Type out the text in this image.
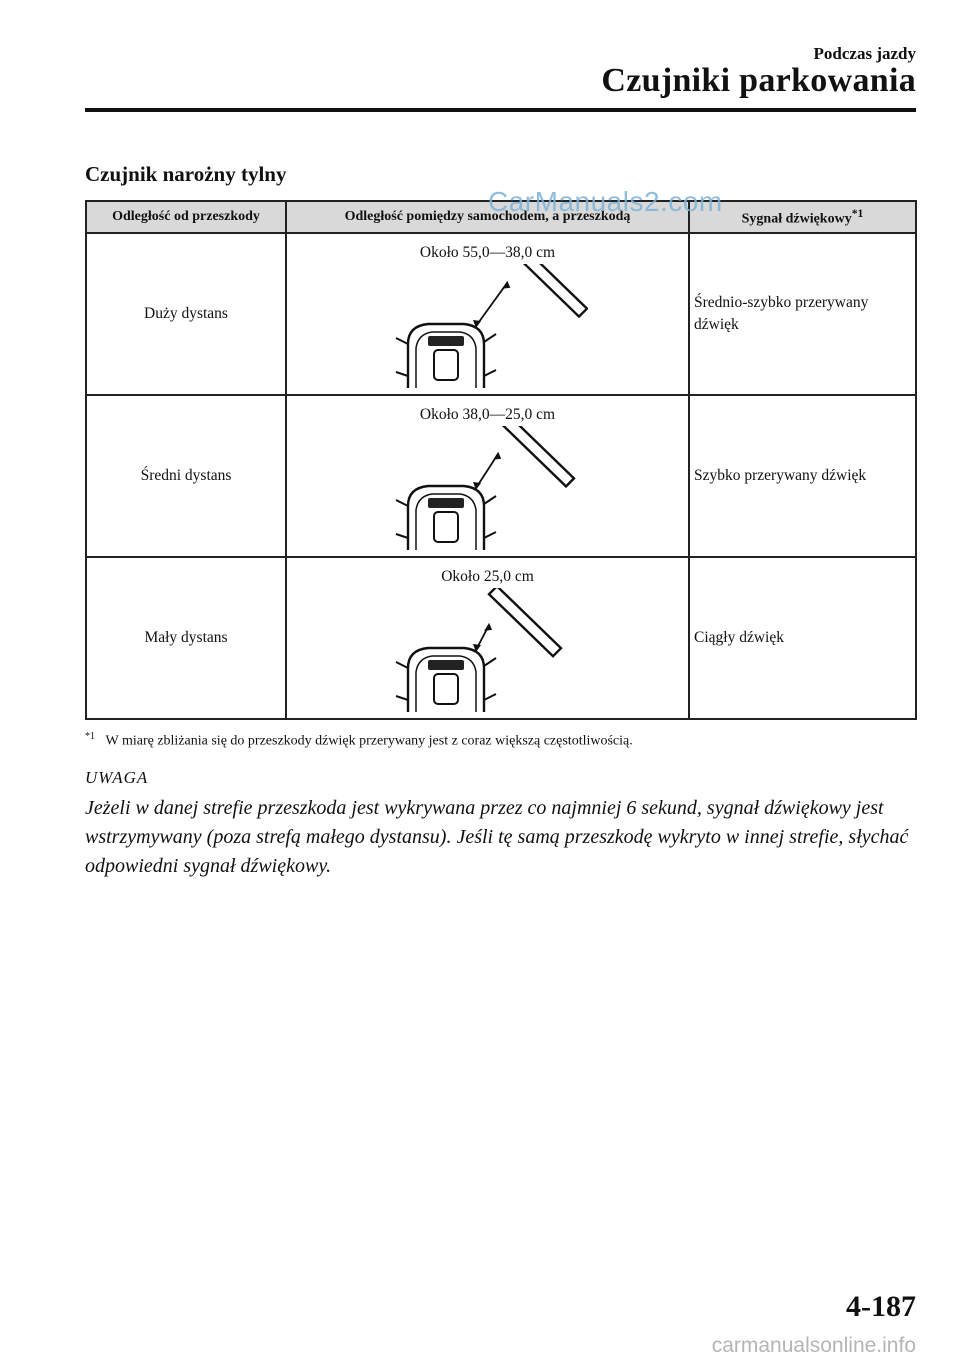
Podczas jazdy
Czujniki parkowania
Czujnik narożny tylny
Odległość od przeszkody	Odległość pomiędzy samochodem, a przeszkodą	Sygnał dźwiękowy$^{*1}$
Duży dystans	Około 55,0—38,0 cm	Średnio-szybko przerywany dźwięk
Średni dystans	Około 38,0—25,0 cm	Szybko przerywany dźwięk
Mały dystans	Około 25,0 cm	Ciągły dźwięk
CarManuals2.com
$^{*1}$ W miarę zbliżania się do przeszkody dźwięk przerywany jest z coraz większą częstotliwością.
UWAGA
Jeżeli w danej strefie przeszkoda jest wykrywana przez co najmniej 6 sekund, sygnał dźwiękowy jest wstrzymywany (poza strefą małego dystansu). Jeśli tę samą przeszkodę wykryto w innej strefie, słychać odpowiedni sygnał dźwiękowy.
4-187
carmanualsonline.info
